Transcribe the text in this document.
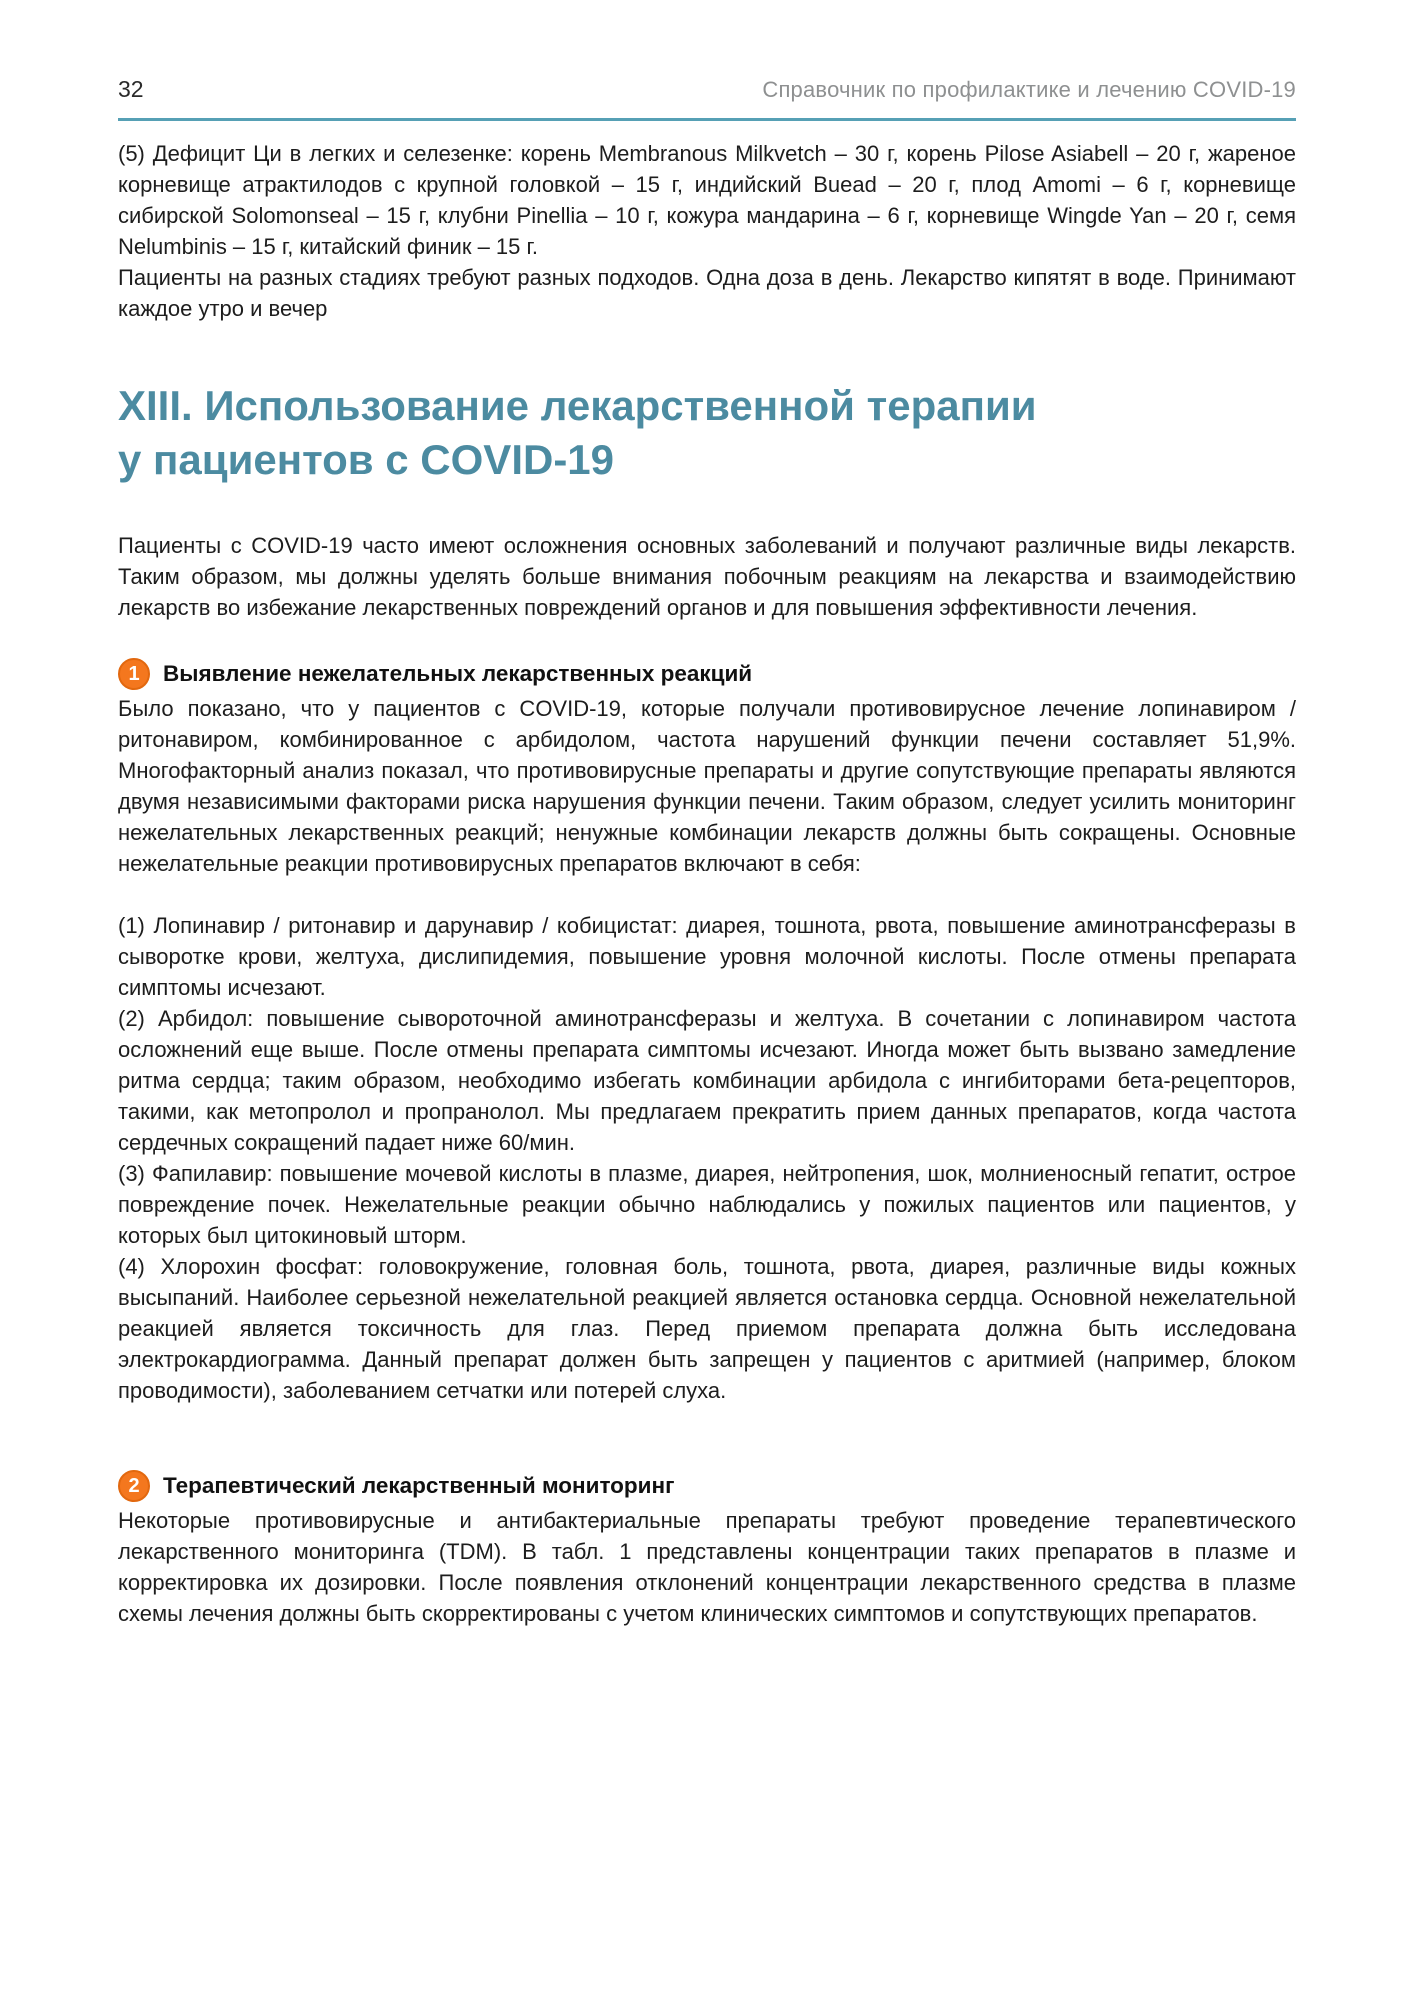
32	Справочник по профилактике и лечению COVID-19

(5) Дефицит Ци в легких и селезенке: корень Membranous Milkvetch – 30 г, корень Pilose Asiabell – 20 г, жареное корневище атрактилодов с крупной головкой – 15 г, индийский Buead – 20 г, плод Amomi – 6 г, корневище сибирской Solomonseal – 15 г, клубни Pinellia – 10 г, кожура мандарина – 6 г, корневище Wingde Yan – 20 г, семя Nelumbinis – 15 г, китайский финик – 15 г.

Пациенты на разных стадиях требуют разных подходов. Одна доза в день. Лекарство кипятят в воде. Принимают каждое утро и вечер

XIII. Использование лекарственной терапии
у пациентов с COVID-19

Пациенты с COVID-19 часто имеют осложнения основных заболеваний и получают различные виды лекарств. Таким образом, мы должны уделять больше внимания побочным реакциям на лекарства и взаимодействию лекарств во избежание лекарственных повреждений органов и для повышения эффективности лечения.

1	Выявление нежелательных лекарственных реакций

Было показано, что у пациентов с COVID-19, которые получали противовирусное лечение лопинавиром / ритонавиром, комбинированное с арбидолом, частота нарушений функции печени составляет 51,9%. Многофакторный анализ показал, что противовирусные препараты и другие сопутствующие препараты являются двумя независимыми факторами риска нарушения функции печени. Таким образом, следует усилить мониторинг нежелательных лекарственных реакций; ненужные комбинации лекарств должны быть сокращены. Основные нежелательные реакции противовирусных препаратов включают в себя:

(1) Лопинавир / ритонавир и дарунавир / кобицистат: диарея, тошнота, рвота, повышение аминотрансферазы в сыворотке крови, желтуха, дислипидемия, повышение уровня молочной кислоты. После отмены препарата симптомы исчезают.

(2) Арбидол: повышение сывороточной аминотрансферазы и желтуха. В сочетании с лопинавиром частота осложнений еще выше. После отмены препарата симптомы исчезают. Иногда может быть вызвано замедление ритма сердца; таким образом, необходимо избегать комбинации арбидола с ингибиторами бета-рецепторов, такими, как метопролол и пропранолол. Мы предлагаем прекратить прием данных препаратов, когда частота сердечных сокращений падает ниже 60/мин.

(3) Фапилавир: повышение мочевой кислоты в плазме, диарея, нейтропения, шок, молниеносный гепатит, острое повреждение почек. Нежелательные реакции обычно наблюдались у пожилых пациентов или пациентов, у которых был цитокиновый шторм.

(4) Хлорохин фосфат: головокружение, головная боль, тошнота, рвота, диарея, различные виды кожных высыпаний. Наиболее серьезной нежелательной реакцией является остановка сердца. Основной нежелательной реакцией является токсичность для глаз. Перед приемом препарата должна быть исследована электрокардиограмма. Данный препарат должен быть запрещен у пациентов с аритмией (например, блоком проводимости), заболеванием сетчатки или потерей слуха.

2	Терапевтический лекарственный мониторинг

Некоторые противовирусные и антибактериальные препараты требуют проведение терапевтического лекарственного мониторинга (TDM). В табл. 1 представлены концентрации таких препаратов в плазме и корректировка их дозировки. После появления отклонений концентрации лекарственного средства в плазме схемы лечения должны быть скорректированы с учетом клинических симптомов и сопутствующих препаратов.
